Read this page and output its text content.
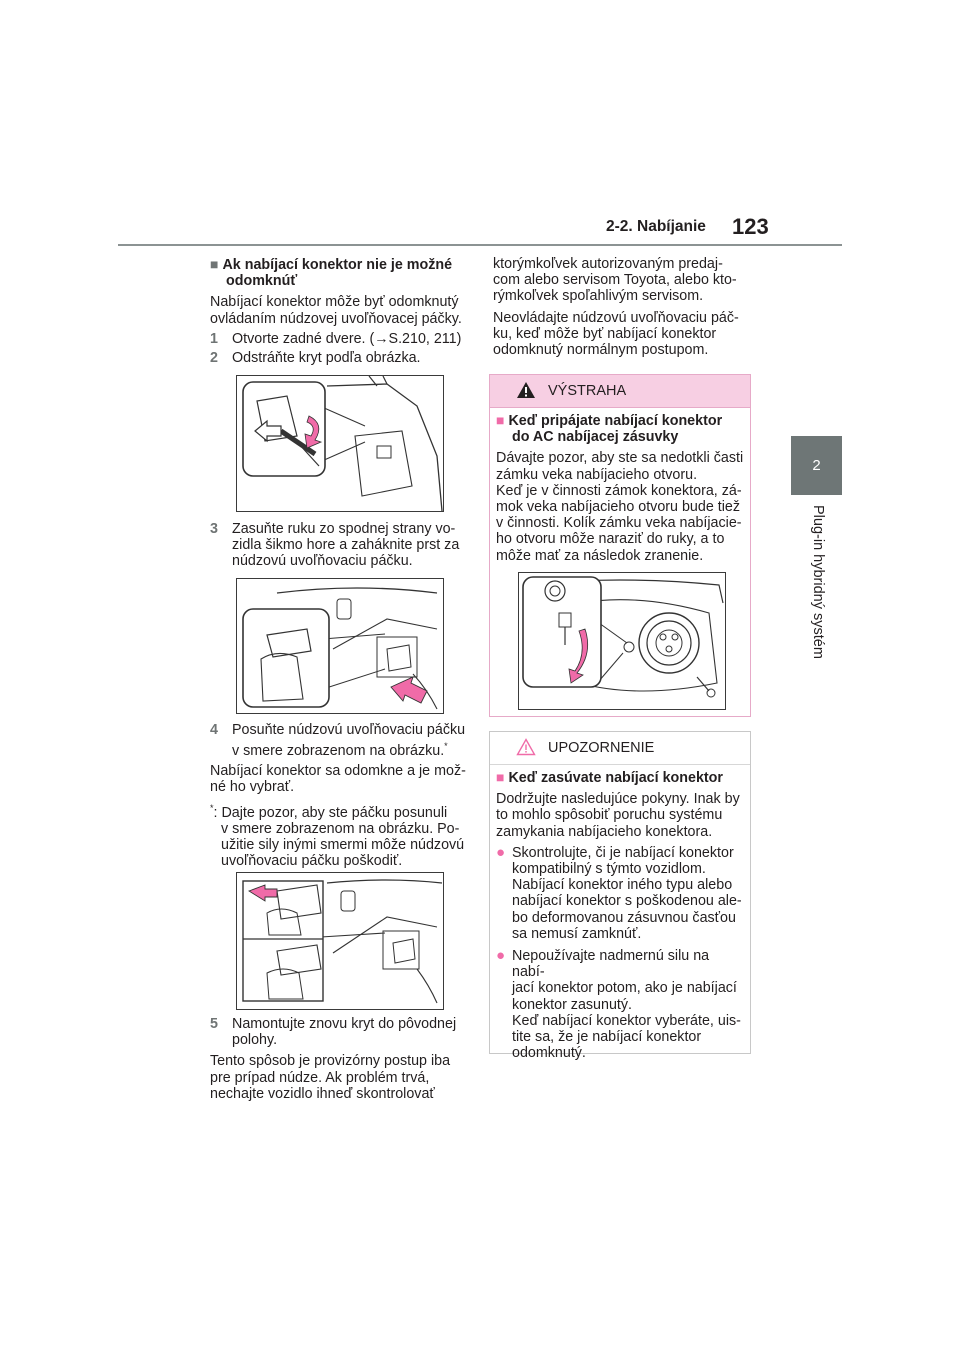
2-2. Nabíjanie 123
2
Plug-in hybridný systém

■ Ak nabíjací konektor nie je možné

odomknúť

Nabíjací konektor môže byť odomknutý

ovládaním núdzovej uvoľňovacej páčky.

1 Otvorte zadné dvere. (→S.210, 211)
2 Odstráňte kryt podľa obrázka.
3 Zasuňte ruku zo spodnej strany vo-
zidla šikmo hore a zaháknite prst za
núdzovú uvoľňovaciu páčku.
4 Posuňte núdzovú uvoľňovaciu páčku
v smere zobrazenom na obrázku.*

Nabíjací konektor sa odomkne a je mož-

né ho vybrať.

*: Dajte pozor, aby ste páčku posunuli

v smere zobrazenom na obrázku. Po-

užitie sily inými smermi môže núdzovú

uvoľňovaciu páčku poškodiť.

5 Namontujte znovu kryt do pôvodnej
polohy.

Tento spôsob je provizórny postup iba

pre prípad núdze. Ak problém trvá,

nechajte vozidlo ihneď skontrolovať

ktorýmkoľvek autorizovaným predaj-

com alebo servisom Toyota, alebo kto-

rýmkoľvek spoľahlivým servisom.

Neovládajte núdzovú uvoľňovaciu páč-

ku, keď môže byť nabíjací konektor

odomknutý normálnym postupom.

VÝSTRAHA

■ Keď pripájate nabíjací konektor

do AC nabíjacej zásuvky

Dávajte pozor, aby ste sa nedotkli časti

zámku veka nabíjacieho otvoru.

Keď je v činnosti zámok konektora, zá-

mok veka nabíjacieho otvoru bude tiež

v činnosti. Kolík zámku veka nabíjacie-

ho otvoru môže naraziť do ruky, a to

môže mať za následok zranenie.

UPOZORNENIE

■ Keď zasúvate nabíjací konektor

Dodržujte nasledujúce pokyny. Inak by

to mohlo spôsobiť poruchu systému

zamykania nabíjacieho konektora.

● Skontrolujte, či je nabíjací konektor
kompatibilný s týmto vozidlom.
Nabíjací konektor iného typu alebo
nabíjací konektor s poškodenou ale-
bo deformovanou zásuvnou časťou
sa nemusí zamknúť.
● Nepoužívajte nadmernú silu na nabí-
jací konektor potom, ako je nabíjací
konektor zasunutý.
Keď nabíjací konektor vyberáte, uis-
tite sa, že je nabíjací konektor
odomknutý.
